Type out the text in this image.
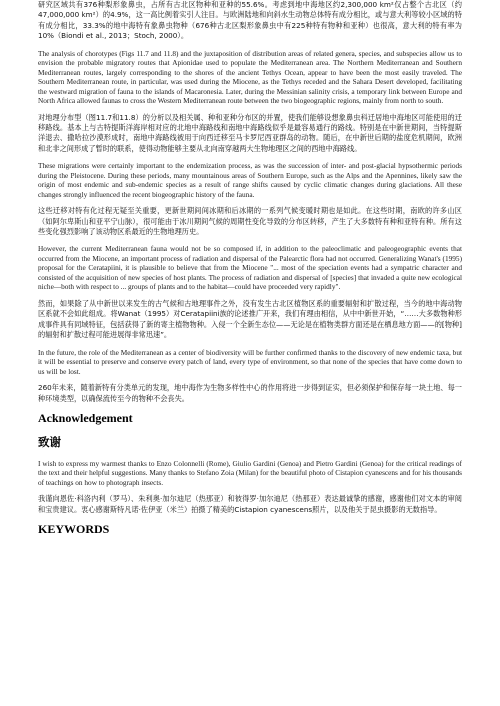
研究区域共有376种梨形象鼻虫，占所有古北区物种和亚种的55.6%。考虑到地中海地区约2,300,000 km²仅占整个古北区（约47,000,000 km²）的4.9%，这一高比例着实引人注目。与欧洲陆地和向斜水生动物总体特有成分相比，或与意大利等较小区域的特有成分相比，33.3%的地中海特有象鼻虫物种（676种古北区梨形象鼻虫中有225种特有物种和亚种）也很高，意大利的特有率为10%（Biondi et al., 2013；Stoch, 2000）。

The analysis of chorotypes (Figs 11.7 and 11.8) and the juxtaposition of distribution areas of related genera, species, and subspecies allow us to envision the probable migratory routes that Apionidae used to populate the Mediterranean area. The Northern Mediterranean and Southern Mediterranean routes, largely corresponding to the shores of the ancient Tethys Ocean, appear to have been the most easily traveled. The Southern Mediterranean route, in particular, was used during the Miocene, as the Tethys receded and the Sahara Desert developed, facilitating the westward migration of fauna to the islands of Macaronesia. Later, during the Messinian salinity crisis, a temporary link between Europe and North Africa allowed faunas to cross the Western Mediterranean route between the two biogeographic regions, mainly from north to south.

对地理分布型（图11.7和11.8）的分析以及相关属、种和亚种分布区的并置，使我们能够设想象鼻虫科迁居地中海地区可能使用的迁移路线。基本上与古特提斯洋海岸相对应的北地中海路线和南地中海路线似乎是最容易通行的路线。特别是在中新世期间，当特提斯洋退去、撒哈拉沙漠形成时，南地中海路线被用于向西迁移至马卡罗尼西亚群岛的动物。随后，在中新世后期的盐度危机期间，欧洲和北非之间形成了暂时的联系，使得动物能够主要从北向南穿越两大生物地理区之间的西地中海路线。

These migrations were certainly important to the endemization process, as was the succession of inter- and post-glacial hypsothermic periods during the Pleistocene. During these periods, many mountainous areas of Southern Europe, such as the Alps and the Apennines, likely saw the origin of most endemic and sub-endemic species as a result of range shifts caused by cyclic climatic changes during glaciations. All these changes strongly influenced the recent biogeographic history of the fauna.

这些迁移对特有化过程无疑至关重要，更新世期间间冰期和后冰期的一系列气候变暖时期也是如此。在这些时期，南欧的许多山区（如阿尔卑斯山和亚平宁山脉），很可能由于冰川期间气候的周期性变化导致的分布区转移，产生了大多数特有种和亚特有种。所有这些变化强烈影响了该动物区系最近的生物地理历史。

However, the current Mediterranean fauna would not be so composed if, in addition to the paleoclimatic and paleogeographic events that occurred from the Miocene, an important process of radiation and dispersal of the Palearctic flora had not occurred. Generalizing Wanat's (1995) proposal for the Ceratapiini, it is plausible to believe that from the Miocene "... most of the speciation events had a sympatric character and consisted of the acquisition of new species of host plants. The process of radiation and dispersal of [species] that invaded a quite new ecological niche—both with respect to ... groups of plants and to the habitat—could have proceeded very rapidly".

然而，如果除了从中新世以来发生的古气候和古地理事件之外，没有发生古北区植物区系的重要辐射和扩散过程，当今的地中海动物区系就不会如此组成。将Wanat（1995）对Ceratapiini族的论述推广开来，我们有理由相信，从中中新世开始，“……大多数物种形成事件具有同域特征，包括获得了新的寄主植物物种。入侵一个全新生态位——无论是在植物类群方面还是在栖息地方面——的[物种]的辐射和扩散过程可能进展得非常迅速”。

In the future, the role of the Mediterranean as a center of biodiversity will be further confirmed thanks to the discovery of new endemic taxa, but it will be essential to preserve and conserve every patch of land, every type of environment, so that none of the species that have come down to us will be lost.

260年未来，随着新特有分类单元的发现，地中海作为生物多样性中心的作用将进一步得到证实，但必须保护和保存每一块土地、每一种环境类型，以确保流传至今的物种不会丧失。

Acknowledgement
致谢

I wish to express my warmest thanks to Enzo Colonnelli (Rome), Giulio Gardini (Genoa) and Pietro Gardini (Genoa) for the critical readings of the text and their helpful suggestions. Many thanks to Stefano Zoia (Milan) for the beautiful photo of Cistapion cyanescens and for his thousands of teachings on how to photograph insects.

我谨向恩佐·科洛内利（罗马）、朱利奥·加尔迪尼（热那亚）和彼得罗·加尔迪尼（热那亚）表达最诚挚的感谢，感谢他们对文本的审阅和宝贵建议。衷心感谢斯特凡诺·佐伊亚（米兰）拍摄了精美的Cistapion cyanescens照片，以及他关于昆虫摄影的无数指导。

KEYWORDS
